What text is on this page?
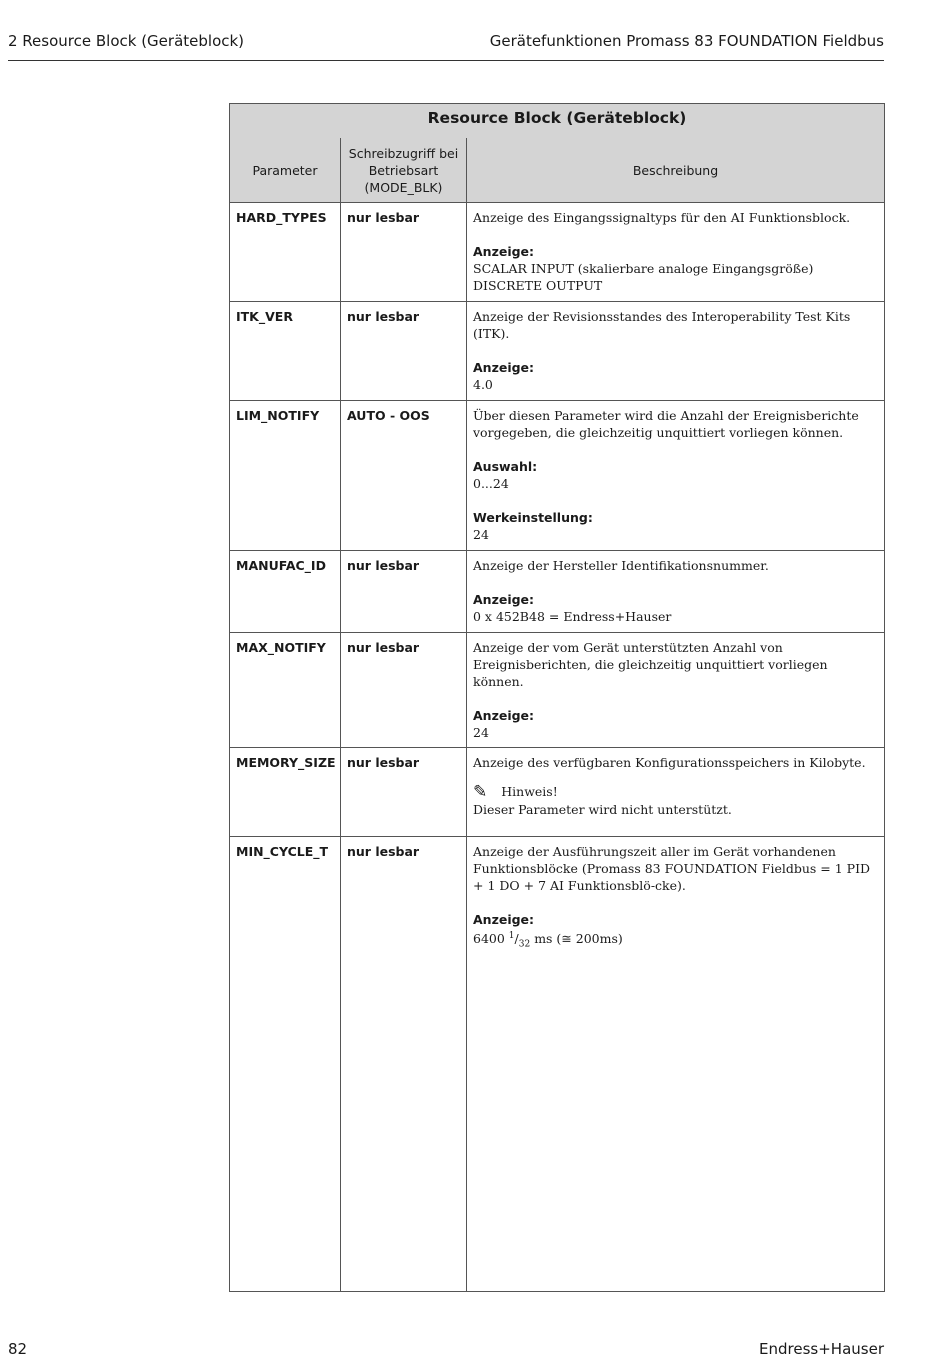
2 Resource Block (Geräteblock)	Gerätefunktionen Promass 83 FOUNDATION Fieldbus
Resource Block (Geräteblock)		
Parameter	Schreibzugriff bei Betriebsart (MODE_BLK)	Beschreibung
HARD_TYPES	nur lesbar	Anzeige des Eingangssignaltyps für den AI Funktionsblock.

Anzeige:

SCALAR INPUT (skalierbare analoge Eingangsgröße) DISCRETE OUTPUT

ITK_VER	nur lesbar	Anzeige der Revisionsstandes des Interoperability Test Kits (ITK).

Anzeige:

4.0

LIM_NOTIFY	AUTO - OOS	Über diesen Parameter wird die Anzahl der Ereignisberichte vorgegeben, die gleichzeitig unquittiert vorliegen können.

Auswahl:

0...24

Werkeinstellung:

24

MANUFAC_ID	nur lesbar	Anzeige der Hersteller Identifikationsnummer.

Anzeige:

0 x 452B48 = Endress+Hauser

MAX_NOTIFY	nur lesbar	Anzeige der vom Gerät unterstützten Anzahl von Ereignisberichten, die gleichzeitig unquittiert vorliegen können.

Anzeige:

24

MEMORY_SIZE	nur lesbar	Anzeige des verfügbaren Konfigurationsspeichers in Kilobyte.

✎ Hinweis!

Dieser Parameter wird nicht unterstützt.

MIN_CYCLE_T	nur lesbar	Anzeige der Ausführungszeit aller im Gerät vorhandenen Funktionsblöcke (Promass 83 FOUNDATION Fieldbus = 1 PID + 1 DO + 7 AI Funktionsblö-cke).

Anzeige:

6400 $^1/_{32}$ ms (≅ 200ms)

82	Endress+Hauser
